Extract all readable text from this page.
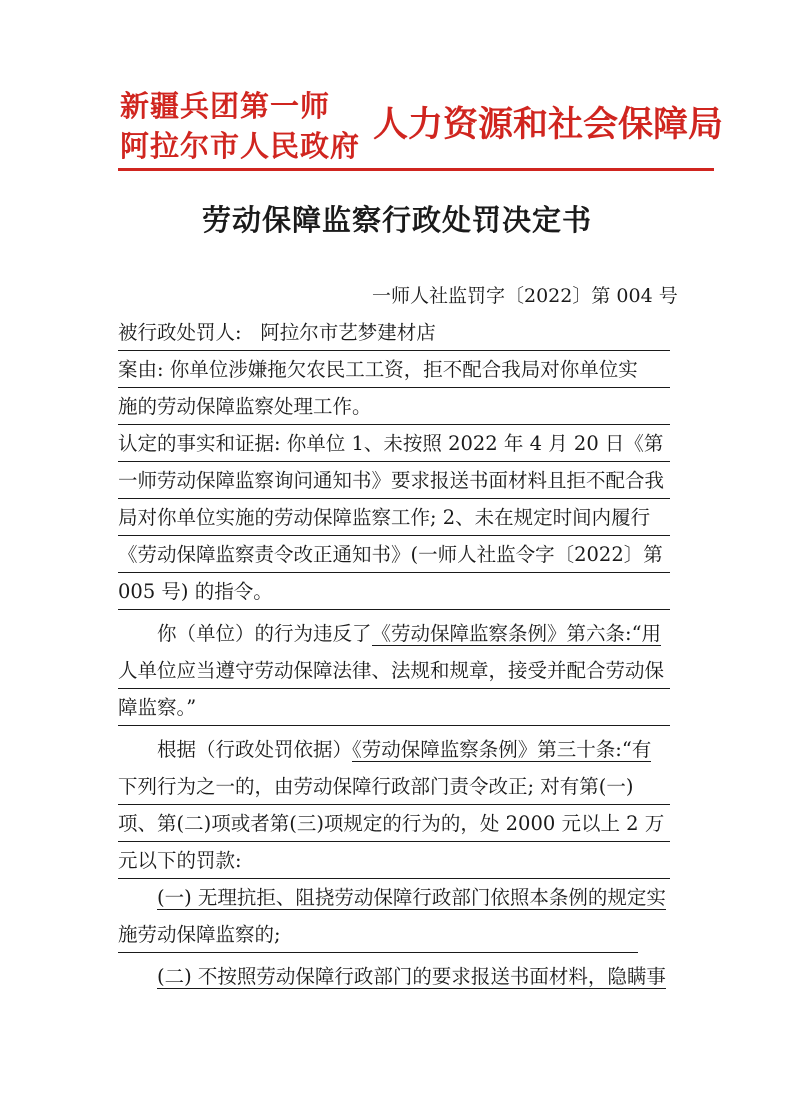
新疆兵团第一师
阿拉尔市人民政府
人力资源和社会保障局
劳动保障监察行政处罚决定书
一师人社监罚字〔2022〕第 004 号
被行政处罚人: 阿拉尔市艺梦建材店
案由: 你单位涉嫌拖欠农民工工资，拒不配合我局对你单位实
施的劳动保障监察处理工作。
认定的事实和证据: 你单位 1、未按照 2022 年 4 月 20 日《第
一师劳动保障监察询问通知书》要求报送书面材料且拒不配合我
局对你单位实施的劳动保障监察工作; 2、未在规定时间内履行
《劳动保障监察责令改正通知书》(一师人社监令字〔2022〕第
005 号) 的指令。
你（单位）的行为违反了《劳动保障监察条例》第六条:“用
人单位应当遵守劳动保障法律、法规和规章，接受并配合劳动保
障监察。”
根据（行政处罚依据）《劳动保障监察条例》第三十条:“有
下列行为之一的，由劳动保障行政部门责令改正; 对有第(一)
项、第(二)项或者第(三)项规定的行为的，处 2000 元以上 2 万
元以下的罚款:
(一) 无理抗拒、阻挠劳动保障行政部门依照本条例的规定实
施劳动保障监察的;
(二) 不按照劳动保障行政部门的要求报送书面材料，隐瞒事
